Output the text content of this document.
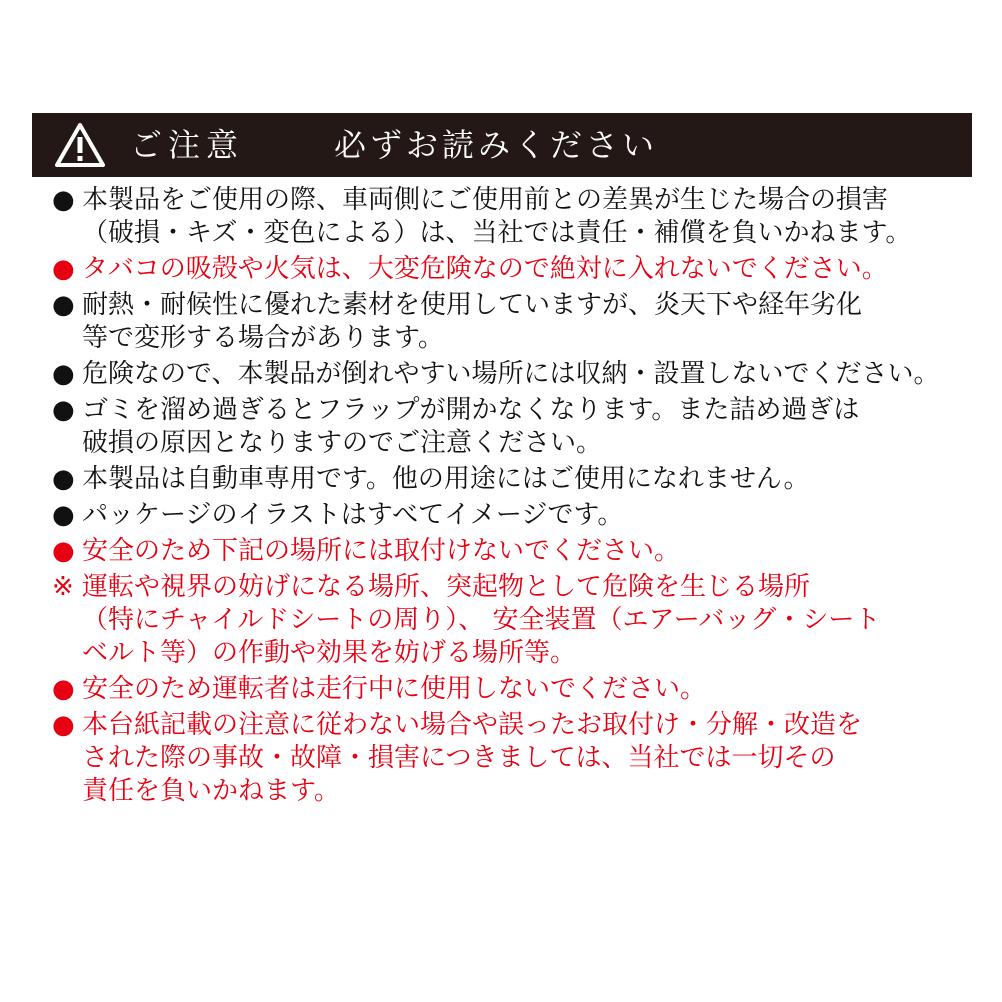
ご注意	必ずお読みください
● 本製品をご使用の際、車両側にご使用前との差異が生じた場合の損害
（破損・キズ・変色による）は、当社では責任・補償を負いかねます。
● タバコの吸殻や火気は、大変危険なので絶対に入れないでください。
● 耐熱・耐候性に優れた素材を使用していますが、炎天下や経年劣化
等で変形する場合があります。
● 危険なので、本製品が倒れやすい場所には収納・設置しないでください。
● ゴミを溜め過ぎるとフラップが開かなくなります。また詰め過ぎは
破損の原因となりますのでご注意ください。
● 本製品は自動車専用です。他の用途にはご使用になれません。
● パッケージのイラストはすべてイメージです。
● 安全のため下記の場所には取付けないでください。
※ 運転や視界の妨げになる場所、突起物として危険を生じる場所
（特にチャイルドシートの周り）、 安全装置（エアーバッグ・シート
ベルト等）の作動や効果を妨げる場所等。
● 安全のため運転者は走行中に使用しないでください。
● 本台紙記載の注意に従わない場合や誤ったお取付け・分解・改造を
された際の事故・故障・損害につきましては、当社では一切その
責任を負いかねます。
